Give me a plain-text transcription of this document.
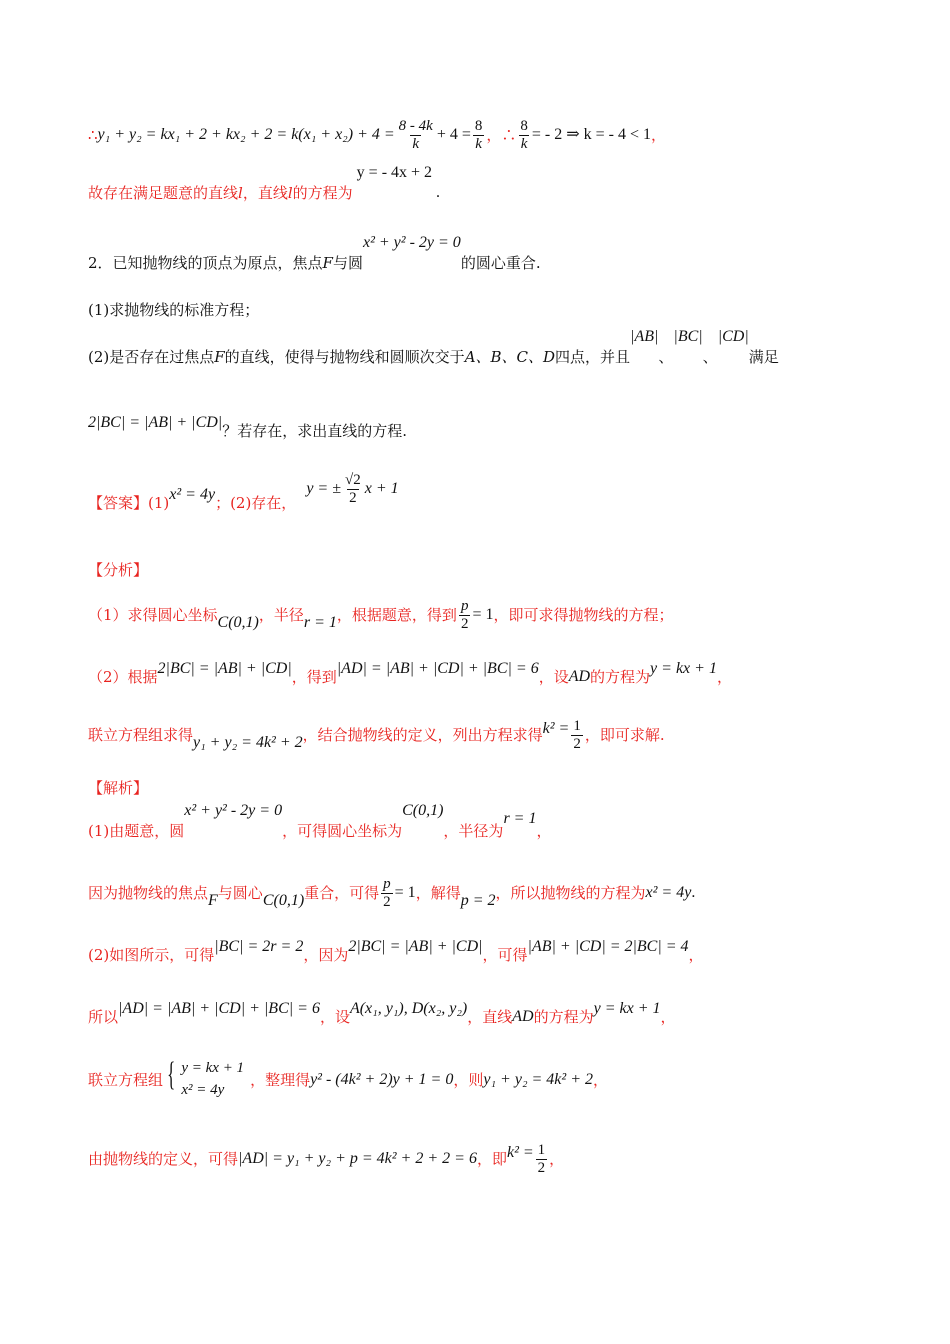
∴ $y_1 + y_2 = kx_1 + 2 + kx_2 + 2 = k(x_1 + x_2) + 4 = \frac{8 - 4k}{k} + 4 = \frac{8}{k}$ ，∴ $\frac{8}{k}$ = - 2 ⇒ k = - 4 < 1 ，
故存在满足题意的直线 l ，直线 l 的方程为
y = - 4x + 2
.
2．已知抛物线的顶点为原点，焦点 F 与圆
x² + y² - 2y = 0
的圆心重合.
(1)求抛物线的标准方程；
(2)是否存在过焦点 F 的直线，使得与抛物线和圆顺次交于 A、B、C、D 四点，并且
|AB|
、
|BC|
、
|CD|
满足
2|BC| = |AB| + |CD| ？若存在，求出直线的方程.
【答案】 (1) x² = 4y ；(2)存在，
y = ± $\frac{√2}{2}$ x + 1
【分析】
（1）求得圆心坐标 C(0,1) ，半径 r = 1 ，根据题意，得到 $\frac{p}{2} = 1$ ，即可求得抛物线的方程；
（2）根据 2|BC| = |AB| + |CD| ，得到 |AD| = |AB| + |CD| + |BC| = 6 ，设 AD 的方程为 y = kx + 1 ，
联立方程组求得 y₁ + y₂ = 4k² + 2 ，结合抛物线的定义，列出方程求得 $k^2 = \frac{1}{2}$ ，即可求解.
【解析】
(1)由题意，圆
x² + y² - 2y = 0
，可得圆心坐标为
C(0,1)
，半径为
r = 1
，
因为抛物线的焦点 F 与圆心 C(0,1) 重合，可得 $\frac{p}{2} = 1$ ，解得 p = 2 ，所以抛物线的方程为 x² = 4y .
(2)如图所示，可得 |BC| = 2r = 2 ，因为 2|BC| = |AB| + |CD| ，可得 |AB| + |CD| = 2|BC| = 4 ，
所以 |AD| = |AB| + |CD| + |BC| = 6 ，设 A(x₁, y₁), D(x₂, y₂) ，直线 AD 的方程为 y = kx + 1 ，
联立方程组 { y = kx + 1
x² = 4y
，整理得 y² - (4k² + 2)y + 1 = 0 ，则 y₁ + y₂ = 4k² + 2 ，
由抛物线的定义，可得 |AD| = y₁ + y₂ + p = 4k² + 2 + 2 = 6 ，即 $k^2 = \frac{1}{2}$ ，
